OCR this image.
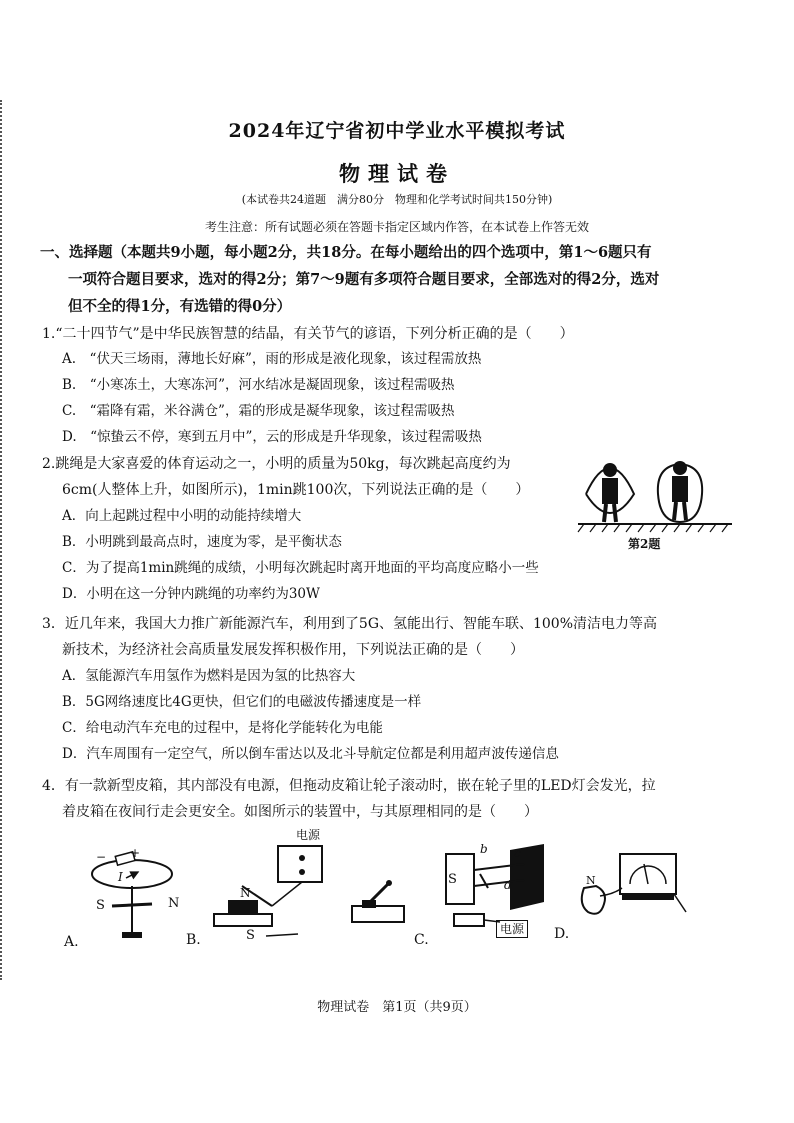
2024年辽宁省初中学业水平模拟考试
物理试卷
(本试卷共24道题　满分80分　物理和化学考试时间共150分钟)
考生注意：所有试题必须在答题卡指定区域内作答，在本试卷上作答无效
一、选择题（本题共9小题，每小题2分，共18分。在每小题给出的四个选项中，第1～6题只有
一项符合题目要求，选对的得2分；第7～9题有多项符合题目要求，全部选对的得2分，选对
但不全的得1分，有选错的得0分）
1.“二十四节气”是中华民族智慧的结晶，有关节气的谚语，下列分析正确的是（　　）
A.　“伏天三场雨，薄地长好麻”，雨的形成是液化现象，该过程需放热
B.　“小寒冻土，大寒冻河”，河水结冰是凝固现象，该过程需吸热
C.　“霜降有霜，米谷满仓”，霜的形成是凝华现象，该过程需吸热
D.　“惊蛰云不停，寒到五月中”，云的形成是升华现象，该过程需吸热
2.跳绳是大家喜爱的体育运动之一，小明的质量为50kg，每次跳起高度约为
6cm(人整体上升，如图所示)，1min跳100次，下列说法正确的是（　　）
A．向上起跳过程中小明的动能持续增大
B．小明跳到最高点时，速度为零，是平衡状态
C．为了提高1min跳绳的成绩，小明每次跳起时离开地面的平均高度应略小一些
D．小明在这一分钟内跳绳的功率约为30W
第2题
3．近几年来，我国大力推广新能源汽车，利用到了5G、氢能出行、智能车联、100%清洁电力等高
新技术，为经济社会高质量发展发挥积极作用，下列说法正确的是（　　）
A．氢能源汽车用氢作为燃料是因为氢的比热容大
B．5G网络速度比4G更快，但它们的电磁波传播速度是一样
C．给电动汽车充电的过程中，是将化学能转化为电能
D．汽车周围有一定空气，所以倒车雷达以及北斗导航定位都是利用超声波传递信息
4．有一款新型皮箱，其内部没有电源，但拖动皮箱让轮子滚动时，嵌在轮子里的LED灯会发光，拉
着皮箱在夜间行走会更安全。如图所示的装置中，与其原理相同的是（　　）
− +
I
S	N
A.
电源
N
S
B.
b c
d
S
电源
C.
N
D.
物理试卷　第1页（共9页）
